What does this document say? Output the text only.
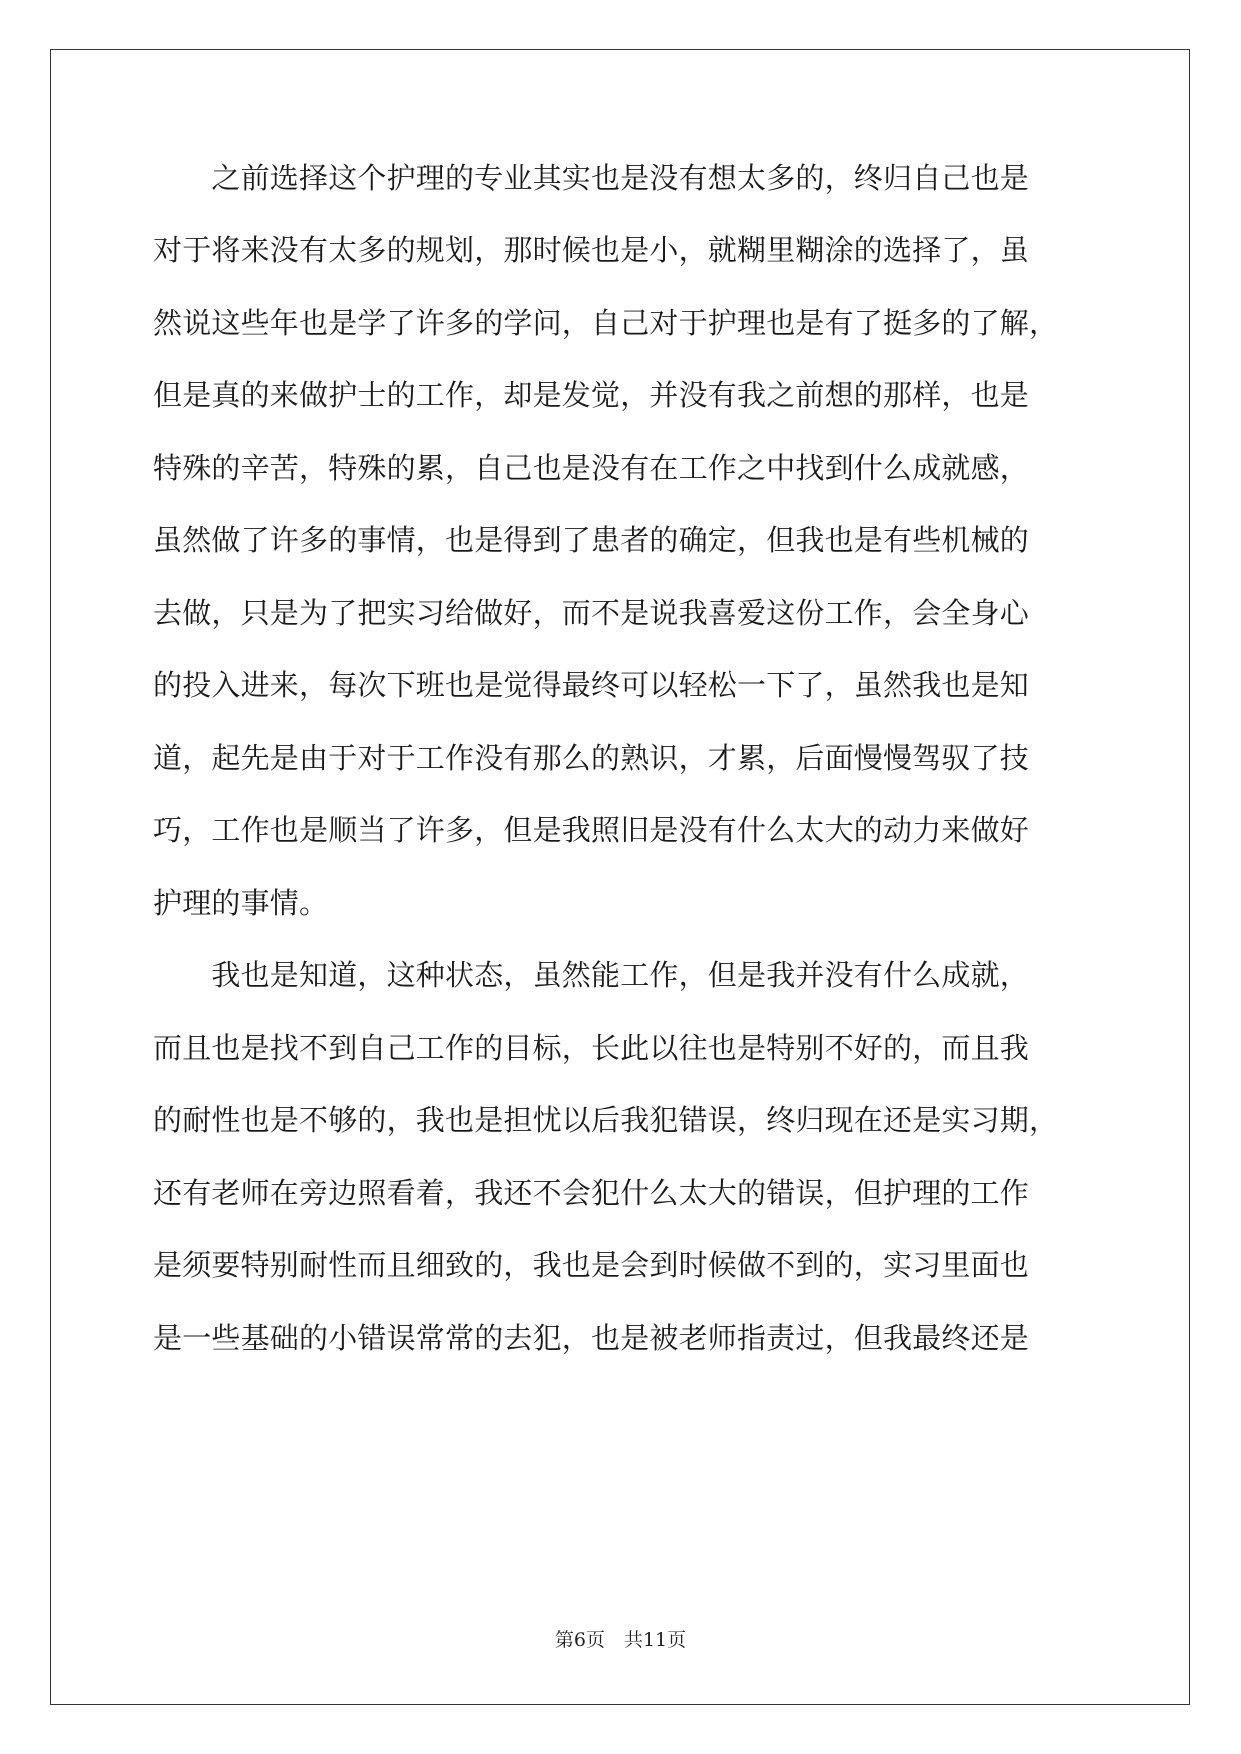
　　之前选择这个护理的专业其实也是没有想太多的，终归自己也是
对于将来没有太多的规划，那时候也是小，就糊里糊涂的选择了，虽
然说这些年也是学了许多的学问，自己对于护理也是有了挺多的了解，
但是真的来做护士的工作，却是发觉，并没有我之前想的那样，也是
特殊的辛苦，特殊的累，自己也是没有在工作之中找到什么成就感，
虽然做了许多的事情，也是得到了患者的确定，但我也是有些机械的
去做，只是为了把实习给做好，而不是说我喜爱这份工作，会全身心
的投入进来，每次下班也是觉得最终可以轻松一下了，虽然我也是知
道，起先是由于对于工作没有那么的熟识，才累，后面慢慢驾驭了技
巧，工作也是顺当了许多，但是我照旧是没有什么太大的动力来做好
护理的事情。
　　我也是知道，这种状态，虽然能工作，但是我并没有什么成就，
而且也是找不到自己工作的目标，长此以往也是特别不好的，而且我
的耐性也是不够的，我也是担忧以后我犯错误，终归现在还是实习期，
还有老师在旁边照看着，我还不会犯什么太大的错误，但护理的工作
是须要特别耐性而且细致的，我也是会到时候做不到的，实习里面也
是一些基础的小错误常常的去犯，也是被老师指责过，但我最终还是
第6页　共11页
